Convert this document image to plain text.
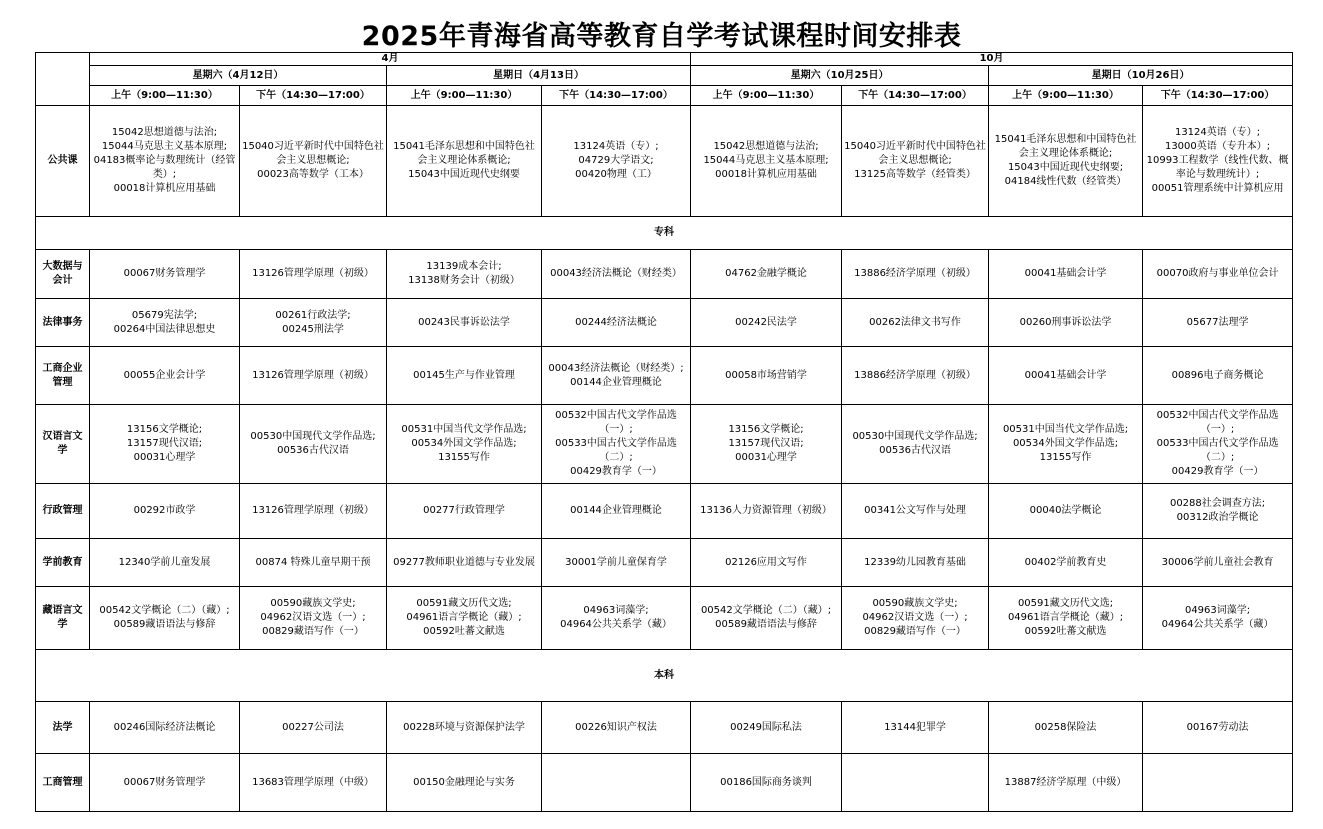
2025年青海省高等教育自学考试课程时间安排表
	4月				10月			
	星期六（4月12日）		星期日（4月13日）		星期六（10月25日）		星期日（10月26日）	
	上午（9:00—11:30）	下午（14:30—17:00）	上午（9:00—11:30）	下午（14:30—17:00）	上午（9:00—11:30）	下午（14:30—17:00）	上午（9:00—11:30）	下午（14:30—17:00）
公共课	15042思想道德与法治;
15044马克思主义基本原理;
04183概率论与数理统计（经管类）;
00018计算机应用基础	15040习近平新时代中国特色社会主义思想概论;
00023高等数学（工本）	15041毛泽东思想和中国特色社会主义理论体系概论;
15043中国近现代史纲要	13124英语（专）;
04729大学语文;
00420物理（工）	15042思想道德与法治;
15044马克思主义基本原理;
00018计算机应用基础	15040习近平新时代中国特色社会主义思想概论;
13125高等数学（经管类）	15041毛泽东思想和中国特色社会主义理论体系概论;
15043中国近现代史纲要;
04184线性代数（经管类）	13124英语（专）;
13000英语（专升本）;
10993工程数学（线性代数、概率论与数理统计）;
00051管理系统中计算机应用
专科								
大数据与会计	00067财务管理学	13126管理学原理（初级）	13139成本会计;
13138财务会计（初级）	00043经济法概论（财经类）	04762金融学概论	13886经济学原理（初级）	00041基础会计学	00070政府与事业单位会计
法律事务	05679宪法学;
00264中国法律思想史	00261行政法学;
00245刑法学	00243民事诉讼法学	00244经济法概论	00242民法学	00262法律文书写作	00260刑事诉讼法学	05677法理学
工商企业管理	00055企业会计学	13126管理学原理（初级）	00145生产与作业管理	00043经济法概论（财经类）;
00144企业管理概论	00058市场营销学	13886经济学原理（初级）	00041基础会计学	00896电子商务概论
汉语言文学	13156文学概论;
13157现代汉语;
00031心理学	00530中国现代文学作品选;
00536古代汉语	00531中国当代文学作品选;
00534外国文学作品选;
13155写作	00532中国古代文学作品选（一）;
00533中国古代文学作品选（二）;
00429教育学（一）	13156文学概论;
13157现代汉语;
00031心理学	00530中国现代文学作品选;
00536古代汉语	00531中国当代文学作品选;
00534外国文学作品选;
13155写作	00532中国古代文学作品选（一）;
00533中国古代文学作品选（二）;
00429教育学（一）
行政管理	00292市政学	13126管理学原理（初级）	00277行政管理学	00144企业管理概论	13136人力资源管理（初级）	00341公文写作与处理	00040法学概论	00288社会调查方法;
00312政治学概论
学前教育	12340学前儿童发展	00874 特殊儿童早期干预	09277教师职业道德与专业发展	30001学前儿童保育学	02126应用文写作	12339幼儿园教育基础	00402学前教育史	30006学前儿童社会教育
藏语言文学	00542文学概论（二）（藏）;
00589藏语语法与修辞	00590藏族文学史;
04962汉语文选（一）;
00829藏语写作（一）	00591藏文历代文选;
04961语言学概论（藏）;
00592吐蕃文献选	04963词藻学;
04964公共关系学（藏）	00542文学概论（二）（藏）;
00589藏语语法与修辞	00590藏族文学史;
04962汉语文选（一）;
00829藏语写作（一）	00591藏文历代文选;
04961语言学概论（藏）;
00592吐蕃文献选	04963词藻学;
04964公共关系学（藏）
本科								
法学	00246国际经济法概论	00227公司法	00228环境与资源保护法学	00226知识产权法	00249国际私法	13144犯罪学	00258保险法	00167劳动法
工商管理	00067财务管理学	13683管理学原理（中级）	00150金融理论与实务		00186国际商务谈判		13887经济学原理（中级）	
